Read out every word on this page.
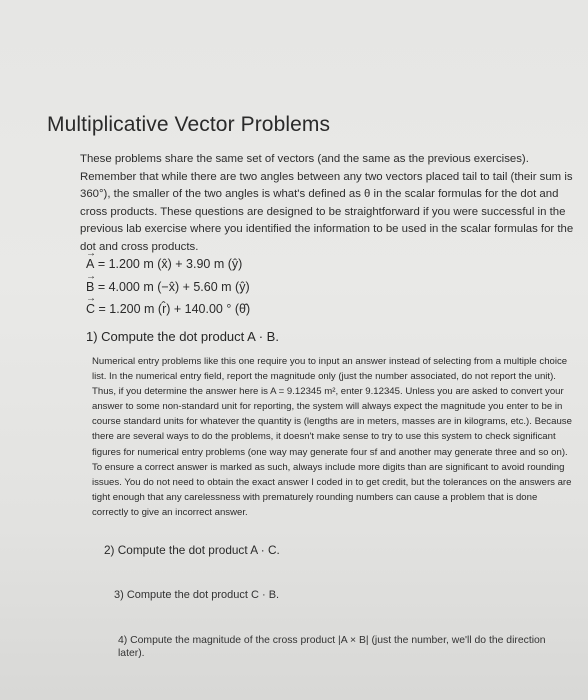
Multiplicative Vector Problems
These problems share the same set of vectors (and the same as the previous exercises). Remember that while there are two angles between any two vectors placed tail to tail (their sum is 360°), the smaller of the two angles is what's defined as θ in the scalar formulas for the dot and cross products. These questions are designed to be straightforward if you were successful in the previous lab exercise where you identified the information to be used in the scalar formulas for the dot and cross products.
→ A = 1.200 m (x̂) + 3.90 m (ŷ)
→ B = 4.000 m (−x̂) + 5.60 m (ŷ)
→ C = 1.200 m (r̂) + 140.00 ° (θ̂)
1) Compute the dot product A · B.
Numerical entry problems like this one require you to input an answer instead of selecting from a multiple choice list. In the numerical entry field, report the magnitude only (just the number associated, do not report the unit). Thus, if you determine the answer here is A = 9.12345 m², enter 9.12345. Unless you are asked to convert your answer to some non-standard unit for reporting, the system will always expect the magnitude you enter to be in course standard units for whatever the quantity is (lengths are in meters, masses are in kilograms, etc.). Because there are several ways to do the problems, it doesn't make sense to try to use this system to check significant figures for numerical entry problems (one way may generate four sf and another may generate three and so on). To ensure a correct answer is marked as such, always include more digits than are significant to avoid rounding issues. You do not need to obtain the exact answer I coded in to get credit, but the tolerances on the answers are tight enough that any carelessness with prematurely rounding numbers can cause a problem that is done correctly to give an incorrect answer.
2) Compute the dot product A · C.
3) Compute the dot product C · B.
4) Compute the magnitude of the cross product |A × B| (just the number, we'll do the direction later).
